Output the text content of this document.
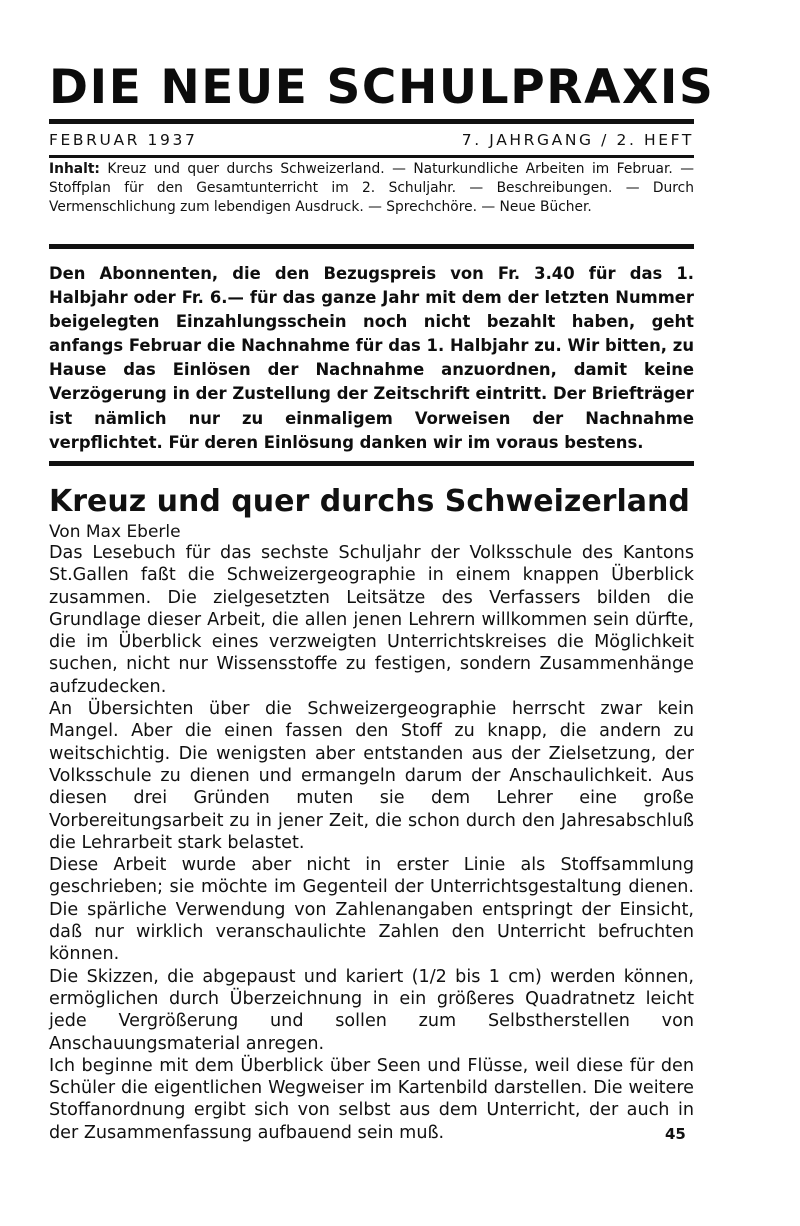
DIE NEUE SCHULPRAXIS
FEBRUAR 1937	7. JAHRGANG / 2. HEFT
Inhalt: Kreuz und quer durchs Schweizerland. — Naturkundliche Arbeiten im Februar. — Stoffplan für den Gesamtunterricht im 2. Schuljahr. — Beschreibungen. — Durch Vermenschlichung zum lebendigen Ausdruck. — Sprechchöre. — Neue Bücher.
Den Abonnenten, die den Bezugspreis von Fr. 3.40 für das 1. Halbjahr oder Fr. 6.— für das ganze Jahr mit dem der letzten Nummer beigelegten Einzahlungsschein noch nicht bezahlt haben, geht anfangs Februar die Nachnahme für das 1. Halbjahr zu. Wir bitten, zu Hause das Einlösen der Nachnahme anzuordnen, damit keine Verzögerung in der Zustellung der Zeitschrift eintritt. Der Briefträger ist nämlich nur zu einmaligem Vorweisen der Nachnahme verpflichtet. Für deren Einlösung danken wir im voraus bestens.
Kreuz und quer durchs Schweizerland
Von Max Eberle

Das Lesebuch für das sechste Schuljahr der Volksschule des Kantons St.Gallen faßt die Schweizergeographie in einem knappen Überblick zusammen. Die zielgesetzten Leitsätze des Verfassers bilden die Grundlage dieser Arbeit, die allen jenen Lehrern willkommen sein dürfte, die im Überblick eines verzweigten Unterrichtskreises die Möglichkeit suchen, nicht nur Wissensstoffe zu festigen, sondern Zusammenhänge aufzudecken.

An Übersichten über die Schweizergeographie herrscht zwar kein Mangel. Aber die einen fassen den Stoff zu knapp, die andern zu weitschichtig. Die wenigsten aber entstanden aus der Zielsetzung, der Volksschule zu dienen und ermangeln darum der Anschaulichkeit. Aus diesen drei Gründen muten sie dem Lehrer eine große Vorbereitungsarbeit zu in jener Zeit, die schon durch den Jahresabschluß die Lehrarbeit stark belastet.

Diese Arbeit wurde aber nicht in erster Linie als Stoffsammlung geschrieben; sie möchte im Gegenteil der Unterrichtsgestaltung dienen. Die spärliche Verwendung von Zahlenangaben entspringt der Einsicht, daß nur wirklich veranschaulichte Zahlen den Unterricht befruchten können.

Die Skizzen, die abgepaust und kariert (1/2 bis 1 cm) werden können, ermöglichen durch Überzeichnung in ein größeres Quadratnetz leicht jede Vergrößerung und sollen zum Selbstherstellen von Anschauungsmaterial anregen.

Ich beginne mit dem Überblick über Seen und Flüsse, weil diese für den Schüler die eigentlichen Wegweiser im Kartenbild darstellen. Die weitere Stoffanordnung ergibt sich von selbst aus dem Unterricht, der auch in der Zusammenfassung aufbauend sein muß.	45
